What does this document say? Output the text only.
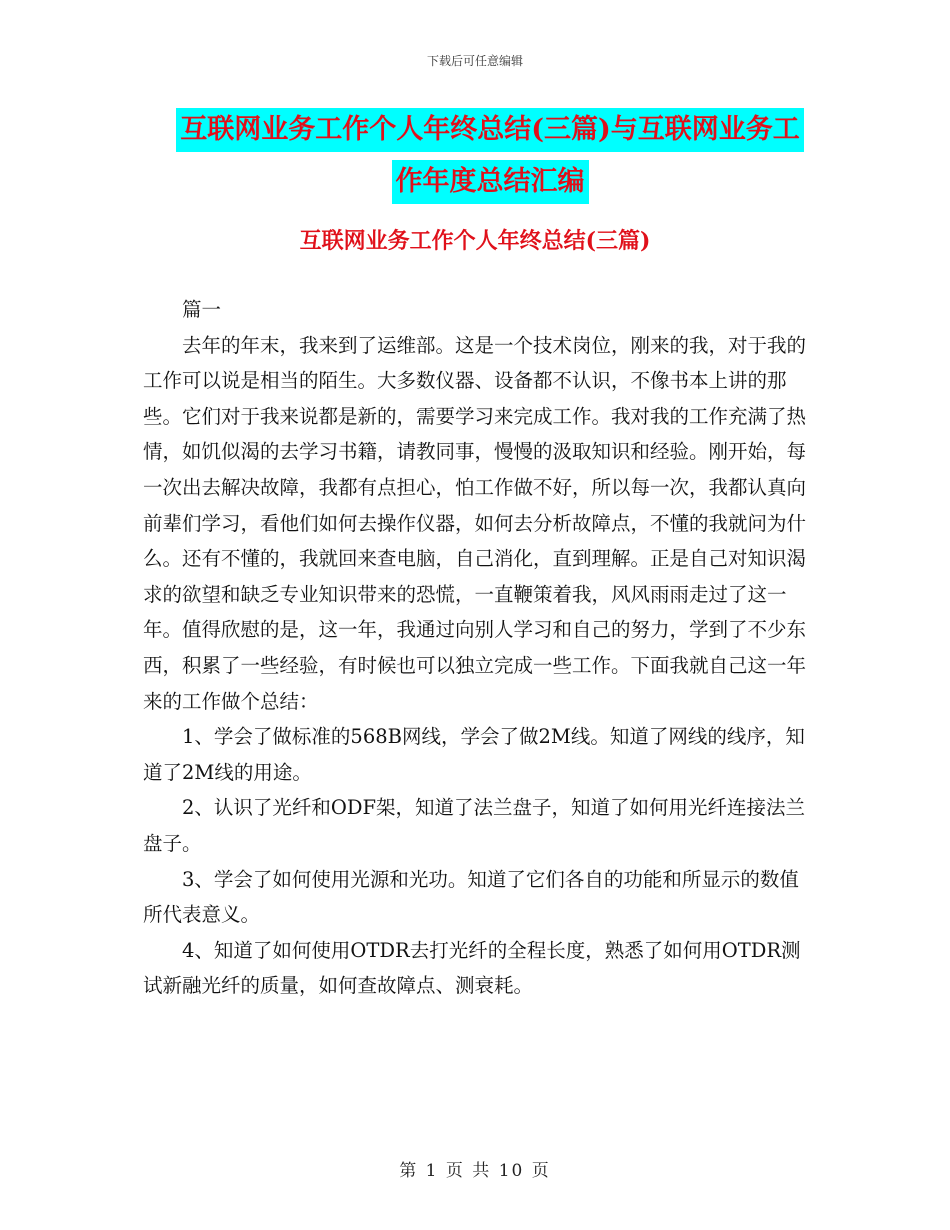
下载后可任意编辑
互联网业务工作个人年终总结(三篇)与互联网业务工
作年度总结汇编
互联网业务工作个人年终总结(三篇)

篇一

去年的年末，我来到了运维部。这是一个技术岗位，刚来的我，对于我的工作可以说是相当的陌生。大多数仪器、设备都不认识，不像书本上讲的那些。它们对于我来说都是新的，需要学习来完成工作。我对我的工作充满了热情，如饥似渴的去学习书籍，请教同事，慢慢的汲取知识和经验。刚开始，每一次出去解决故障，我都有点担心，怕工作做不好，所以每一次，我都认真向前辈们学习，看他们如何去操作仪器，如何去分析故障点，不懂的我就问为什么。还有不懂的，我就回来查电脑，自己消化，直到理解。正是自己对知识渴求的欲望和缺乏专业知识带来的恐慌，一直鞭策着我，风风雨雨走过了这一年。值得欣慰的是，这一年，我通过向别人学习和自己的努力，学到了不少东西，积累了一些经验，有时候也可以独立完成一些工作。下面我就自己这一年来的工作做个总结：

1、学会了做标准的568B网线，学会了做2M线。知道了网线的线序，知道了2M线的用途。

2、认识了光纤和ODF架，知道了法兰盘子，知道了如何用光纤连接法兰盘子。

3、学会了如何使用光源和光功。知道了它们各自的功能和所显示的数值所代表意义。

4、知道了如何使用OTDR去打光纤的全程长度，熟悉了如何用OTDR测试新融光纤的质量，如何查故障点、测衰耗。

第 1 页 共 10 页
